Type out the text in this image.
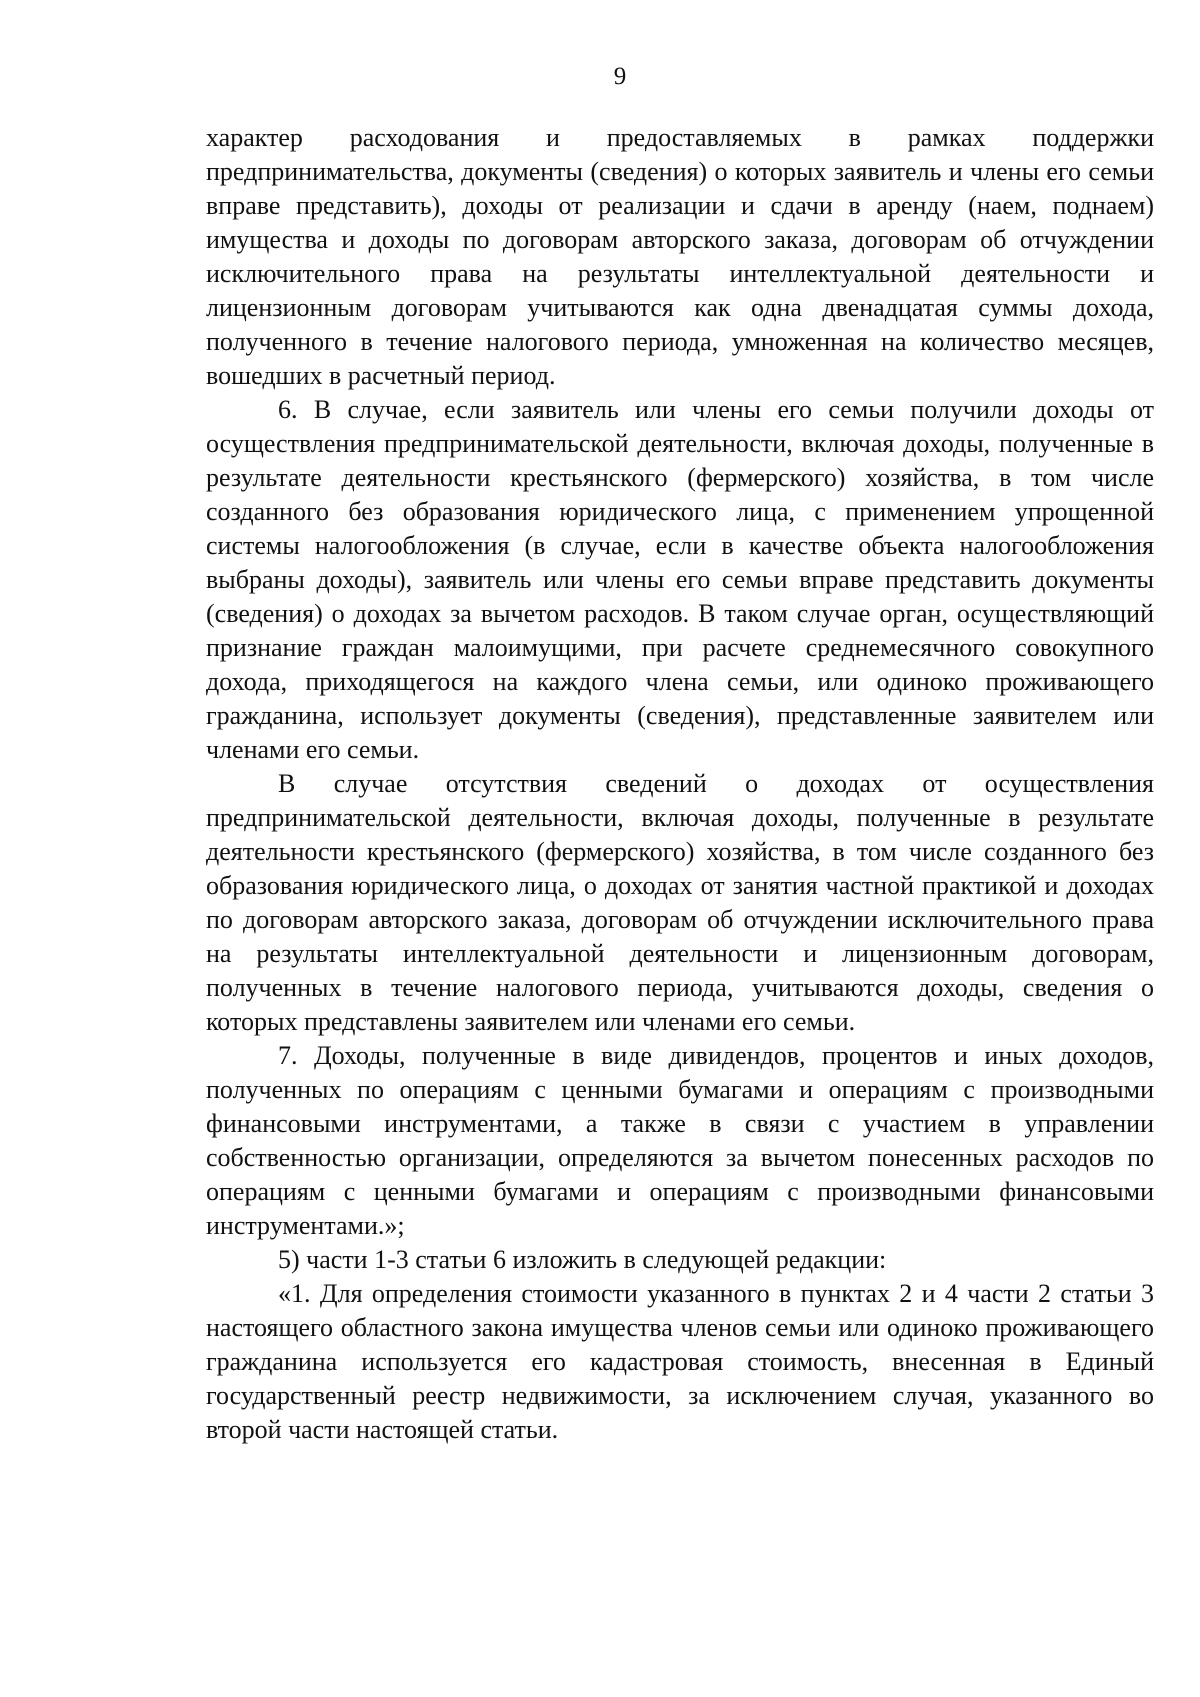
9

характер расходования и предоставляемых в рамках поддержки предпринимательства, документы (сведения) о которых заявитель и члены его семьи вправе представить), доходы от реализации и сдачи в аренду (наем, поднаем) имущества и доходы по договорам авторского заказа, договорам об отчуждении исключительного права на результаты интеллектуальной деятельности и лицензионным договорам учитываются как одна двенадцатая суммы дохода, полученного в течение налогового периода, умноженная на количество месяцев, вошедших в расчетный период.

6. В случае, если заявитель или члены его семьи получили доходы от осуществления предпринимательской деятельности, включая доходы, полученные в результате деятельности крестьянского (фермерского) хозяйства, в том числе созданного без образования юридического лица, с применением упрощенной системы налогообложения (в случае, если в качестве объекта налогообложения выбраны доходы), заявитель или члены его семьи вправе представить документы (сведения) о доходах за вычетом расходов. В таком случае орган, осуществляющий признание граждан малоимущими, при расчете среднемесячного совокупного дохода, приходящегося на каждого члена семьи, или одиноко проживающего гражданина, использует документы (сведения), представленные заявителем или членами его семьи.

В случае отсутствия сведений о доходах от осуществления предпринимательской деятельности, включая доходы, полученные в результате деятельности крестьянского (фермерского) хозяйства, в том числе созданного без образования юридического лица, о доходах от занятия частной практикой и доходах по договорам авторского заказа, договорам об отчуждении исключительного права на результаты интеллектуальной деятельности и лицензионным договорам, полученных в течение налогового периода, учитываются доходы, сведения о которых представлены заявителем или членами его семьи.

7. Доходы, полученные в виде дивидендов, процентов и иных доходов, полученных по операциям с ценными бумагами и операциям с производными финансовыми инструментами, а также в связи с участием в управлении собственностью организации, определяются за вычетом понесенных расходов по операциям с ценными бумагами и операциям с производными финансовыми инструментами.»;

5) части 1-3 статьи 6 изложить в следующей редакции:

«1. Для определения стоимости указанного в пунктах 2 и 4 части 2 статьи 3 настоящего областного закона имущества членов семьи или одиноко проживающего гражданина используется его кадастровая стоимость, внесенная в Единый государственный реестр недвижимости, за исключением случая, указанного во второй части настоящей статьи.
